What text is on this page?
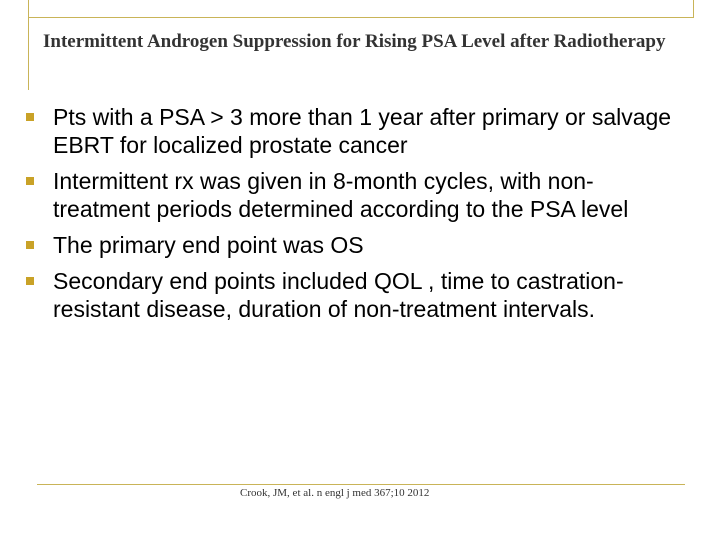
Intermittent Androgen Suppression for Rising PSA Level after Radiotherapy
Pts with a PSA > 3 more than 1 year after primary or salvage EBRT for localized prostate cancer
Intermittent rx was given in 8-month cycles, with non-treatment periods determined according to the PSA level
The primary end point was OS
Secondary end points included QOL , time to castration-resistant disease, duration of non-treatment intervals.
Crook, JM, et al. n engl j med 367;10 2012
